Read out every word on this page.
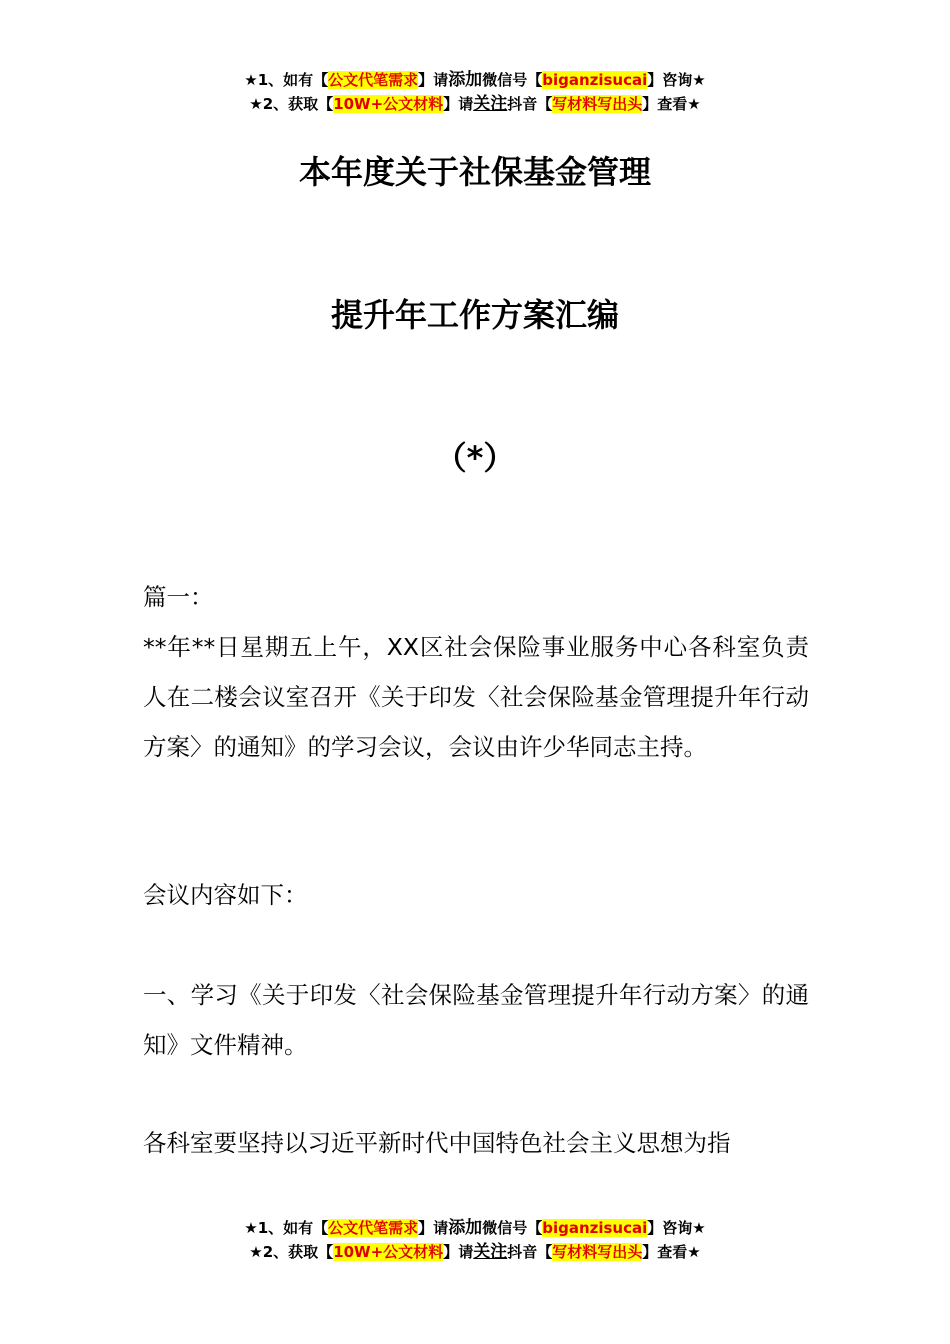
★1、如有【公文代笔需求】请添加微信号【biganzisucai】咨询★
★2、获取【10W+公文材料】请关注抖音【写材料写出头】查看★
本年度关于社保基金管理
提升年工作方案汇编
（*）

篇一：

**年**日星期五上午，XX区社会保险事业服务中心各科室负责人在二楼会议室召开《关于印发〈社会保险基金管理提升年行动方案〉的通知》的学习会议，会议由许少华同志主持。

会议内容如下：

一、学习《关于印发〈社会保险基金管理提升年行动方案〉的通知》文件精神。

各科室要坚持以习近平新时代中国特色社会主义思想为指

★1、如有【公文代笔需求】请添加微信号【biganzisucai】咨询★
★2、获取【10W+公文材料】请关注抖音【写材料写出头】查看★
